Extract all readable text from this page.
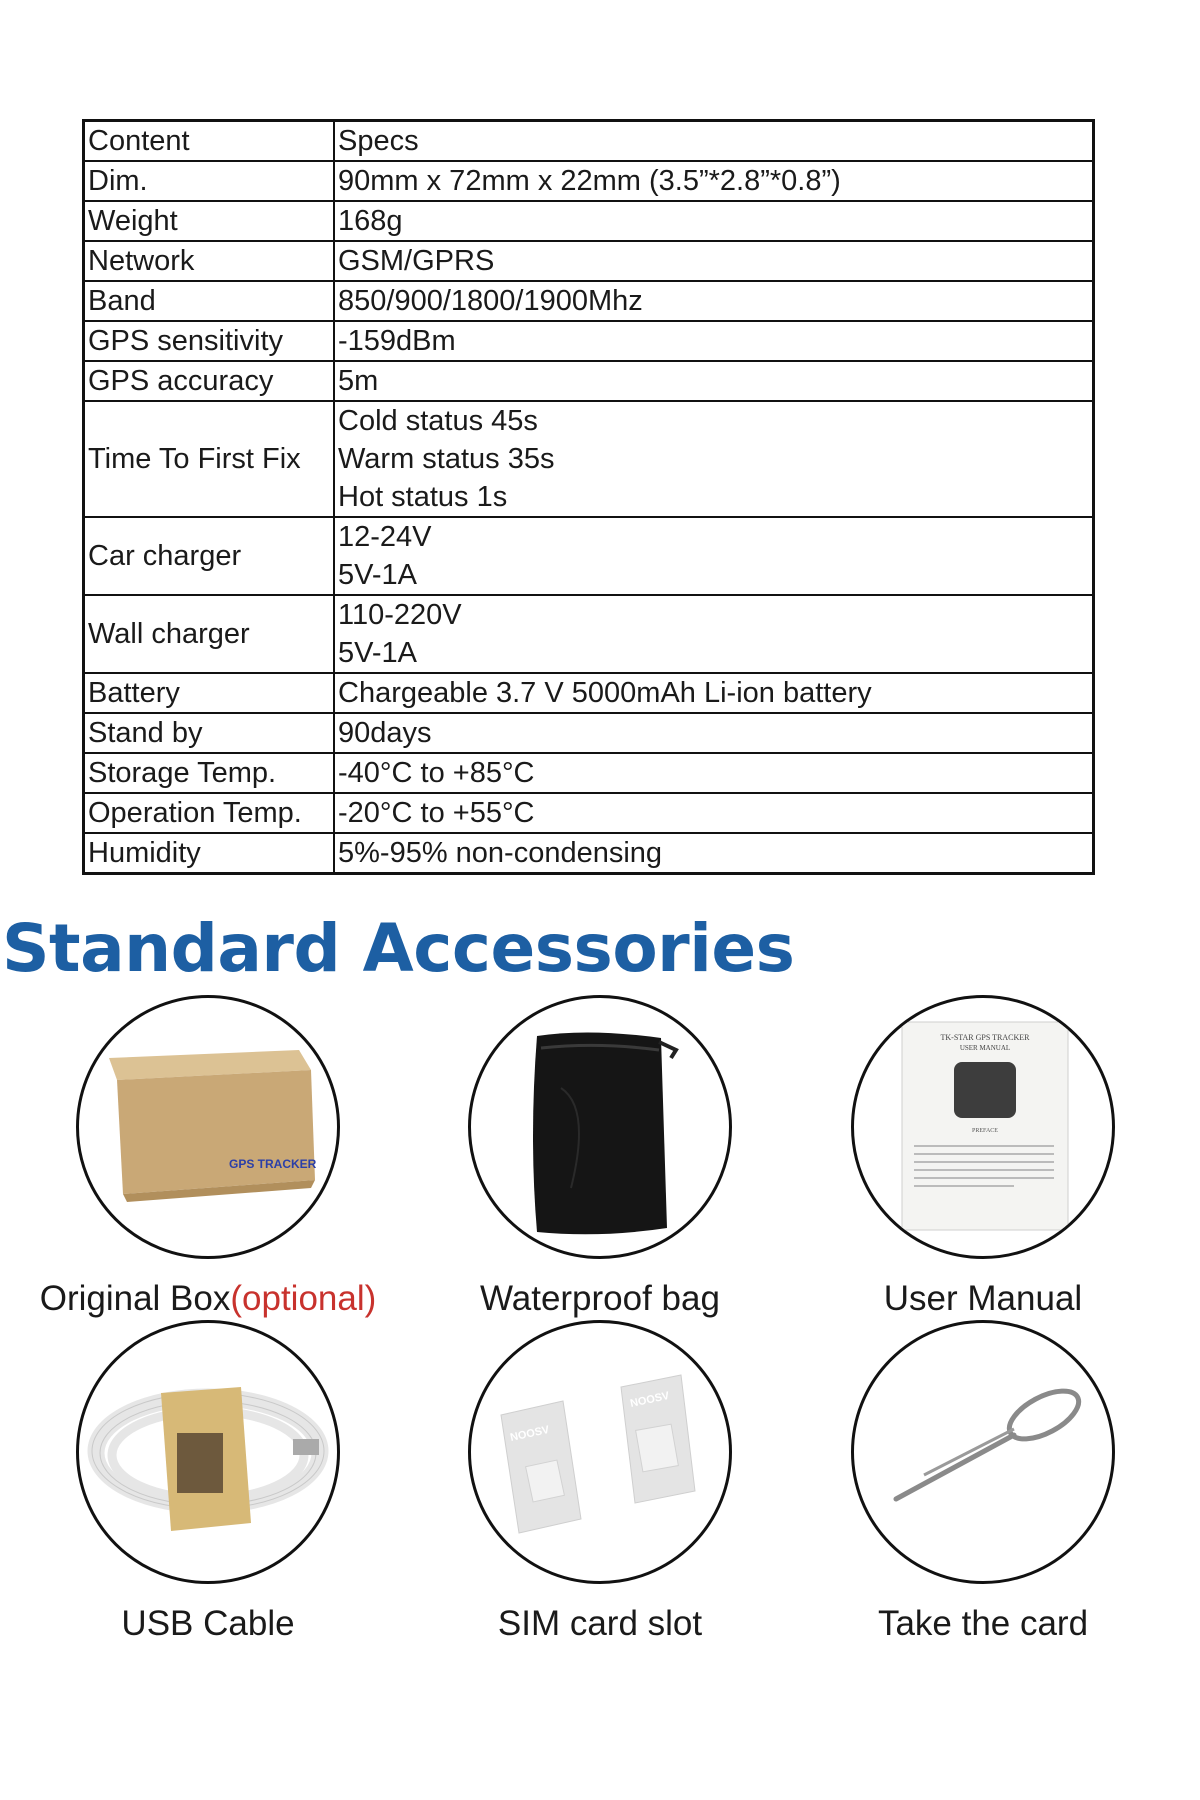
Content	Specs
Dim.	90mm x 72mm x 22mm (3.5”*2.8”*0.8”)

Weight	168g

Network	GSM/GPRS

Band	850/900/1800/1900Mhz

GPS sensitivity	-159dBm

GPS accuracy	5m

Time To First Fix	Cold status 45s
Warm status 35s
Hot status 1s

Car charger	12-24V
5V-1A

Wall charger	110-220V
5V-1A

Battery	Chargeable 3.7 V 5000mAh Li-ion battery

Stand by	90days

Storage Temp.	-40°C to +85°C

Operation Temp.	-20°C to +55°C

Humidity	5%-95% non-condensing
Standard Accessories
GPS TRACKER
Original Box(optional)	Waterproof bag
TK-STAR GPS TRACKER
USER MANUAL
PREFACE
User Manual
USB Cable
NOOSV
NOOSV
SIM card slot	Take the card
